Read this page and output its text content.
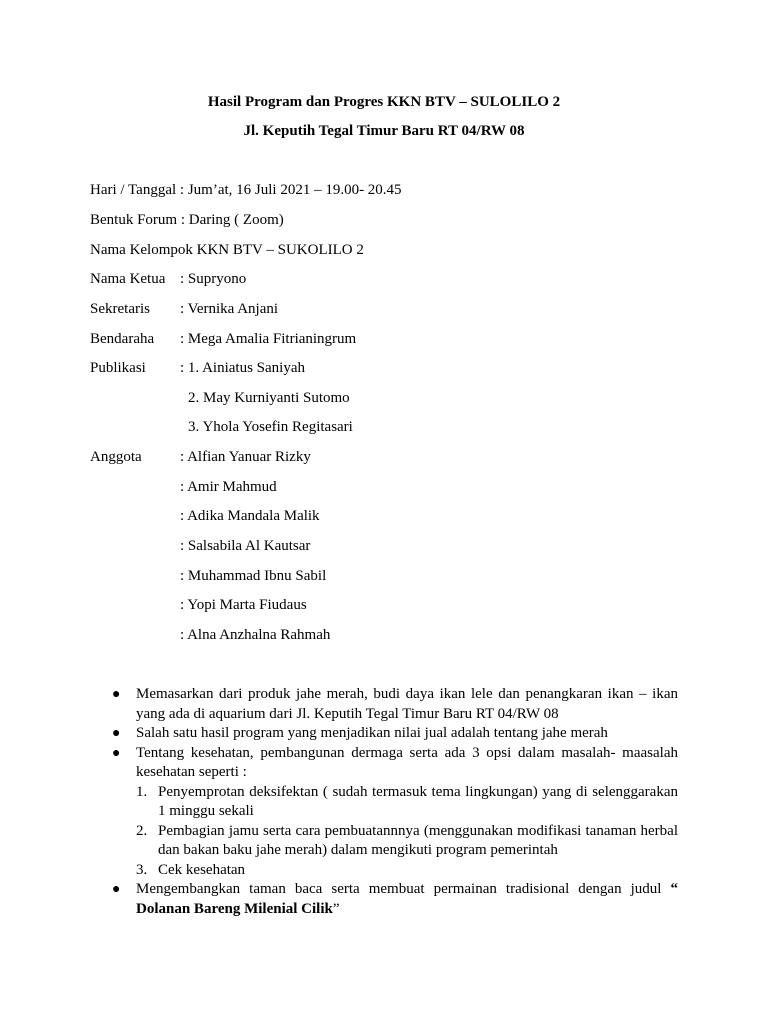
Hasil Program dan Progres KKN BTV – SULOLILO 2
Jl. Keputih Tegal Timur Baru RT 04/RW 08
Hari / Tanggal : Jum’at, 16 Juli 2021 – 19.00- 20.45
Bentuk Forum : Daring ( Zoom)
Nama Kelompok KKN BTV – SUKOLILO 2
Nama Ketua : Supryono
Sekretaris : Vernika Anjani
Bendaraha : Mega Amalia Fitrianingrum
Publikasi : 1. Ainiatus Saniyah
2. May Kurniyanti Sutomo
3. Yhola Yosefin Regitasari
Anggota	: Alfian Yanuar Rizky
: Amir Mahmud
: Adika Mandala Malik
: Salsabila Al Kautsar
: Muhammad Ibnu Sabil
: Yopi Marta Fiudaus
: Alna Anzhalna Rahmah
● Memasarkan dari produk jahe merah, budi daya ikan lele dan penangkaran ikan – ikan yang ada di aquarium dari Jl. Keputih Tegal Timur Baru RT 04/RW 08
● Salah satu hasil program yang menjadikan nilai jual adalah tentang jahe merah
● Tentang kesehatan, pembangunan dermaga serta ada 3 opsi dalam masalah- maasalah kesehatan seperti :
1. Penyemprotan deksifektan ( sudah termasuk tema lingkungan) yang di selenggarakan 1 minggu sekali
2. Pembagian jamu serta cara pembuatannnya (menggunakan modifikasi tanaman herbal dan bakan baku jahe merah) dalam mengikuti program pemerintah
3. Cek kesehatan
● Mengembangkan taman baca serta membuat permainan tradisional dengan judul “ Dolanan Bareng Milenial Cilik”
